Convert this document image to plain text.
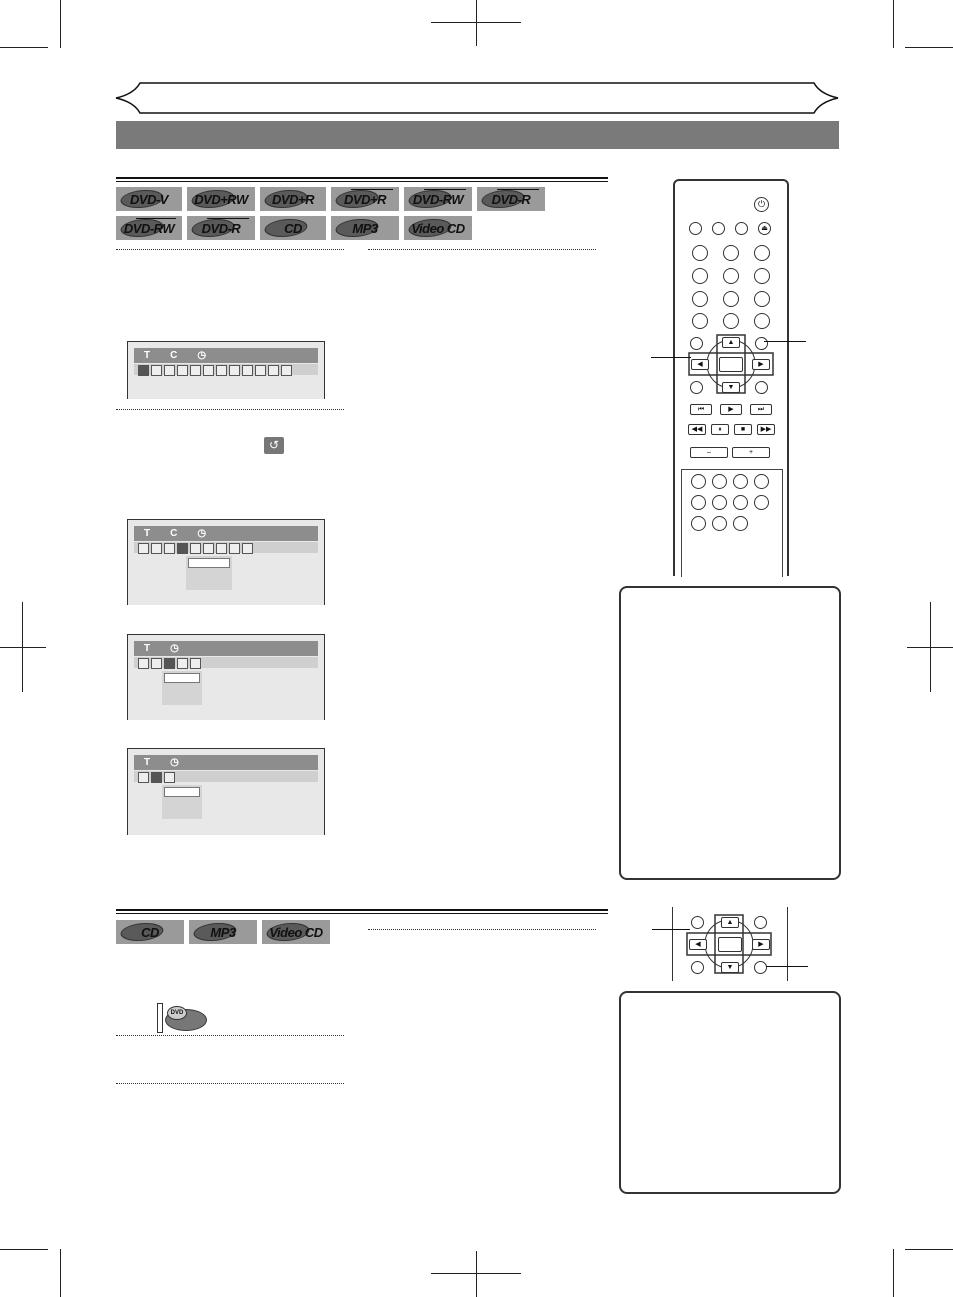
DVD-V DVD+RW DVD+R DVD+R DVD-RW DVD-R
DVD-RW DVD-R	CD	MP3	Video CD
T C ◷
↺
T C ◷
T ◷
T ◷
⏻
⏏
▲
◀	▶
▼
⏮	▶	⏭
◀◀	⏸	■	▶▶
–	+
CD	MP3	Video CD
DVD
▲
◀	▶
▼
